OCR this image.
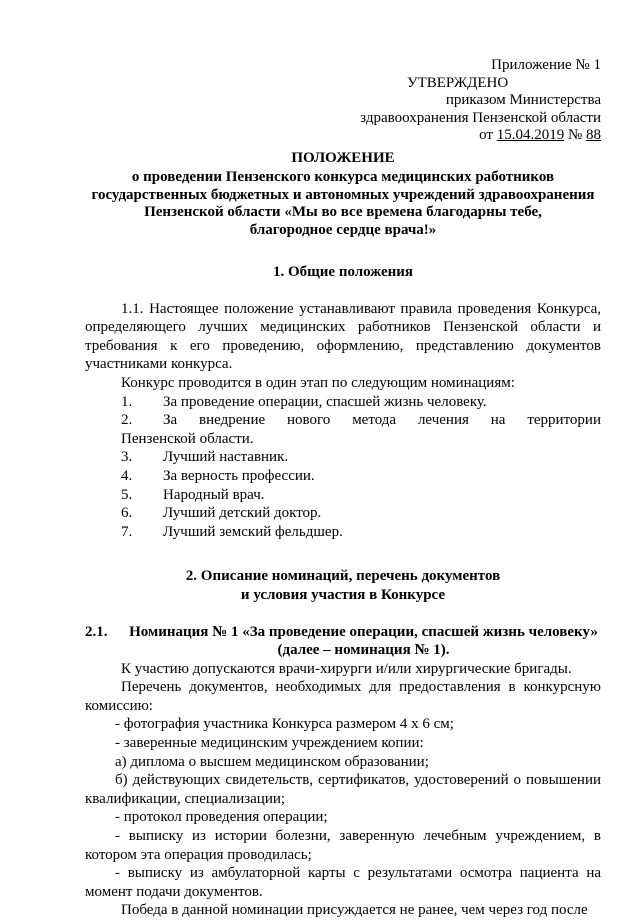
Приложение № 1
УТВЕРЖДЕНО
приказом Министерства
здравоохранения Пензенской области
от 15.04.2019 № 88
ПОЛОЖЕНИЕ
о проведении Пензенского конкурса медицинских работников
государственных бюджетных и автономных учреждений здравоохранения
Пензенской области «Мы во все времена благодарны тебе,
благородное сердце врача!»

1. Общие положения

1.1. Настоящее положение устанавливают правила проведения Конкурса, определяющего лучших медицинских работников Пензенской области и требования к его проведению, оформлению, представлению документов участниками конкурса.

Конкурс проводится в один этап по следующим номинациям:

1.	За проведение операции, спасшей жизнь человеку.
2.	За внедрение нового метода лечения на территории

Пензенской области.

3.	Лучший наставник.
4.	За верность профессии.
5.	Народный врач.
6.	Лучший детский доктор.
7.	Лучший земский фельдшер.

2. Описание номинаций, перечень документов

и условия участия в Конкурсе

2.1.	Номинация № 1 «За проведение операции, спасшей жизнь человеку»

(далее – номинация № 1).

К участию допускаются врачи-хирурги и/или хирургические бригады.

Перечень документов, необходимых для предоставления в конкурсную комиссию:

- фотография участника Конкурса размером 4 х 6 см;

- заверенные медицинским учреждением копии:

а) диплома о высшем медицинском образовании;

б) действующих свидетельств, сертификатов, удостоверений о повышении квалификации, специализации;

- протокол проведения операции;

- выписку из истории болезни, заверенную лечебным учреждением, в котором эта операция проводилась;

- выписку из амбулаторной карты с результатами осмотра пациента на момент подачи документов.

Победа в данной номинации присуждается не ранее, чем через год после
